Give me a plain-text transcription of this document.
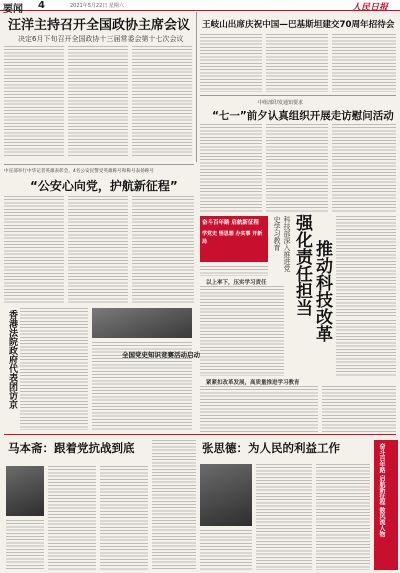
要闻 4	2021年5月22日 星期六	人民日报
汪洋主持召开全国政协主席会议
决定6月下旬召开全国政协十三届常委会第十七次会议
王岐山出席庆祝中国—巴基斯坦建交70周年招待会
中组部印发通知要求
“七一”前夕认真组织开展走访慰问活动
中宣部举行中华记者英雄表彰会，4名公安民警受英雄称号和称号表扬称号
“公安心向党，护航新征程”
奋斗百年路 启航新征程
学党史 悟思想 办实事 开新局	科技部深入推进党史学习教育 强化责任担当 推动科技改革
以上率下，压实学习责任
紧紧扣改革发展，高质量推进学习教育
香港法院政府代表团访京	全国党史知识竞赛活动启动
马本斋：跟着党抗战到底	张思德：为人民的利益工作	奋斗百年路 启航新征程 数风流人物
